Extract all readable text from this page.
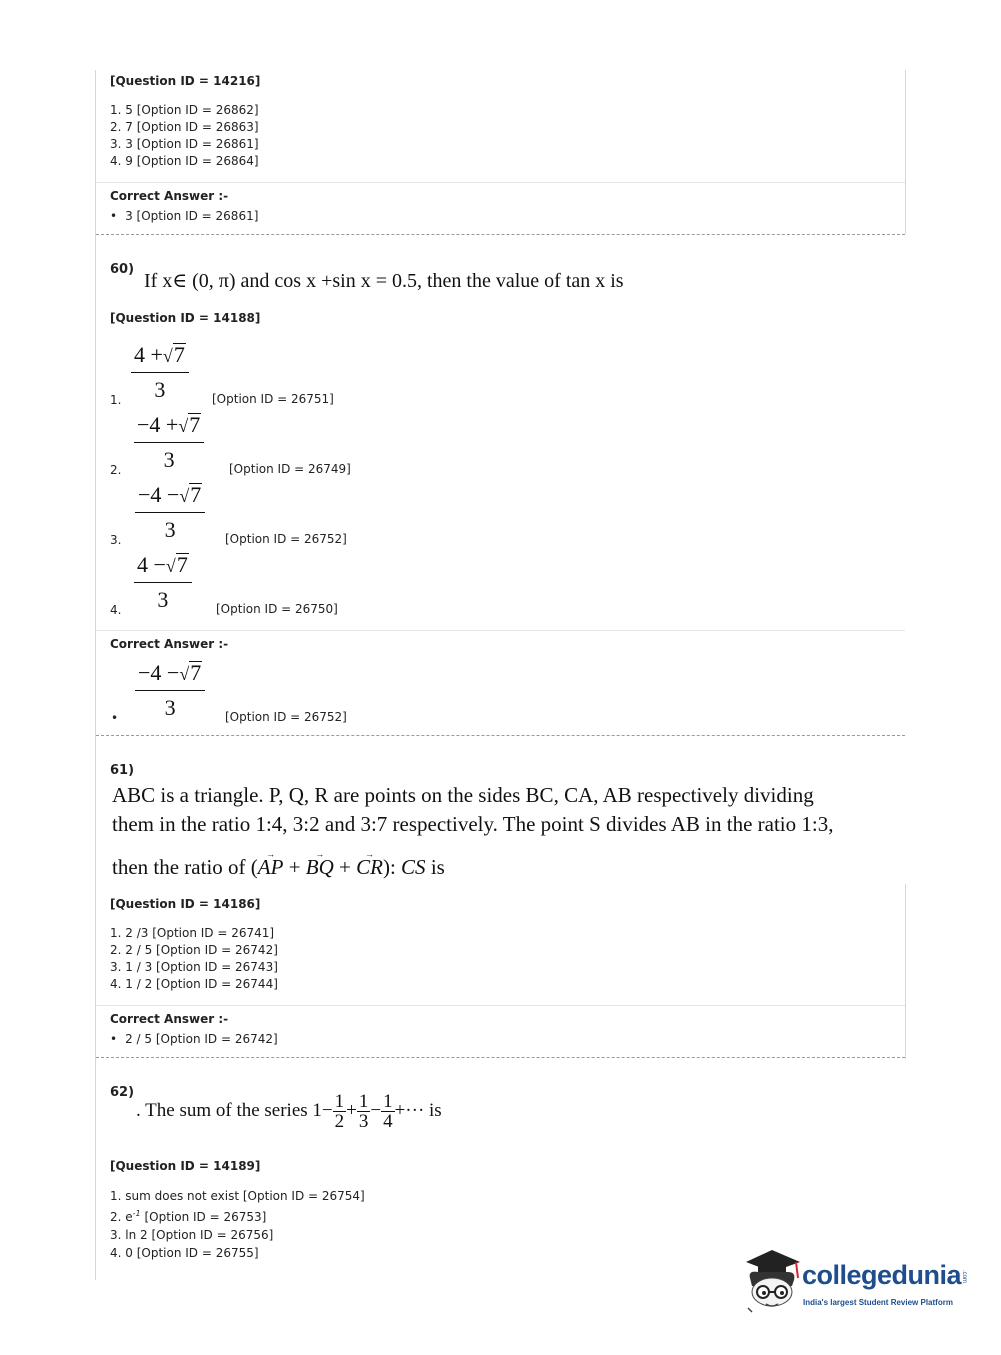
[Question ID = 14216]
1. 5 [Option ID = 26862]
2. 7 [Option ID = 26863]
3. 3 [Option ID = 26861]
4. 9 [Option ID = 26864]
Correct Answer :-
• 3 [Option ID = 26861]
60)
If x∈ (0, π) and cos x +sin x = 0.5, then the value of tan x is
[Question ID = 14188]
$\frac{4 +√7}{3}$
1.	[Option ID = 26751]
$\frac{-4 +√7}{3}$
2.	[Option ID = 26749]
$\frac{-4 -√7}{3}$
3.	[Option ID = 26752]
$\frac{4 -√7}{3}$
4.	[Option ID = 26750]
Correct Answer :-
$\frac{-4 -√7}{3}$
•	[Option ID = 26752]
61)
ABC is a triangle. P, Q, R are points on the sides BC, CA, AB respectively dividing
them in the ratio 1:4, 3:2 and 3:7 respectively. The point S divides AB in the ratio 1:3,
then the ratio of (AP → + BQ → + CR →): CS is
[Question ID = 14186]
1. 2 /3 [Option ID = 26741]
2. 2 / 5 [Option ID = 26742]
3. 1 / 3 [Option ID = 26743]
4. 1 / 2 [Option ID = 26744]
Correct Answer :-
• 2 / 5 [Option ID = 26742]
62)
. The sum of the series $1- \frac{1}{2} + \frac{1}{3} - \frac{1}{4}$ +··· is
[Question ID = 14189]
1. sum does not exist [Option ID = 26754]
2. $e^{-1}$ [Option ID = 26753]
3. ln 2 [Option ID = 26756]
4. 0 [Option ID = 26755]
collegedunia .com
India's largest Student Review Platform
